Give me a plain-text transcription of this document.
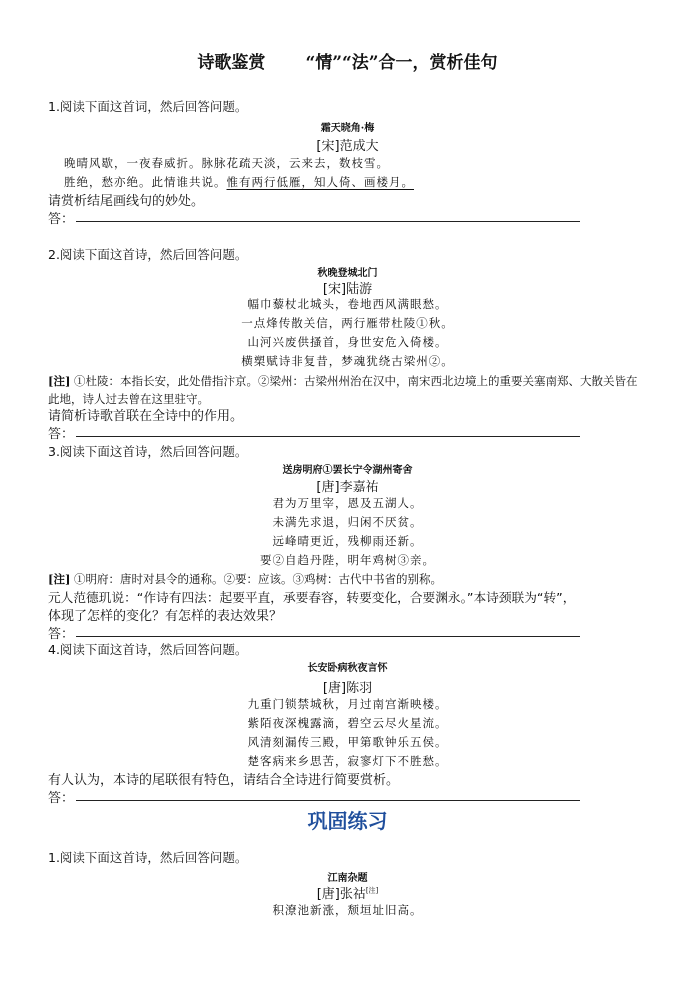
诗歌鉴赏 “情”“法”合一，赏析佳句
1.阅读下面这首词，然后回答问题。
霜天晓角·梅
[宋]范成大
晚晴风歇，一夜春威折。脉脉花疏天淡，云来去，数枝雪。
胜绝，愁亦绝。此情谁共说。惟有两行低雁，知人倚、画楼月。
请赏析结尾画线句的妙处。
答：
2.阅读下面这首诗，然后回答问题。
秋晚登城北门
[宋]陆游
幅巾藜杖北城头，卷地西风满眼愁。
一点烽传散关信，两行雁带杜陵①秋。
山河兴废供搔首，身世安危入倚楼。
横槊赋诗非复昔，梦魂犹绕古梁州②。
[注] ①杜陵：本指长安，此处借指汴京。②梁州：古梁州州治在汉中，南宋西北边境上的重要关塞南郑、大散关皆在此地，诗人过去曾在这里驻守。
请简析诗歌首联在全诗中的作用。
答：
3.阅读下面这首诗，然后回答问题。
送房明府①罢长宁令湖州寄舍
[唐]李嘉祐
君为万里宰，恩及五湖人。
未满先求退，归闲不厌贫。
远峰晴更近，残柳雨还新。
要②自趋丹陛，明年鸡树③亲。
[注] ①明府：唐时对县令的通称。②要：应该。③鸡树：古代中书省的别称。
元人范德玑说：“作诗有四法：起要平直，承要春容，转要变化，合要渊永。”本诗颈联为“转”，
体现了怎样的变化？有怎样的表达效果？
答：
4.阅读下面这首诗，然后回答问题。
长安卧病秋夜言怀
[唐]陈羽
九重门锁禁城秋，月过南宫渐映楼。
紫陌夜深槐露滴，碧空云尽火星流。
风清刻漏传三殿，甲第歌钟乐五侯。
楚客病来乡思苦，寂寥灯下不胜愁。
有人认为，本诗的尾联很有特色，请结合全诗进行简要赏析。
答：
巩固练习
1.阅读下面这首诗，然后回答问题。
江南杂题
[唐]张祜[注]
积潦池新涨，颓垣址旧高。
